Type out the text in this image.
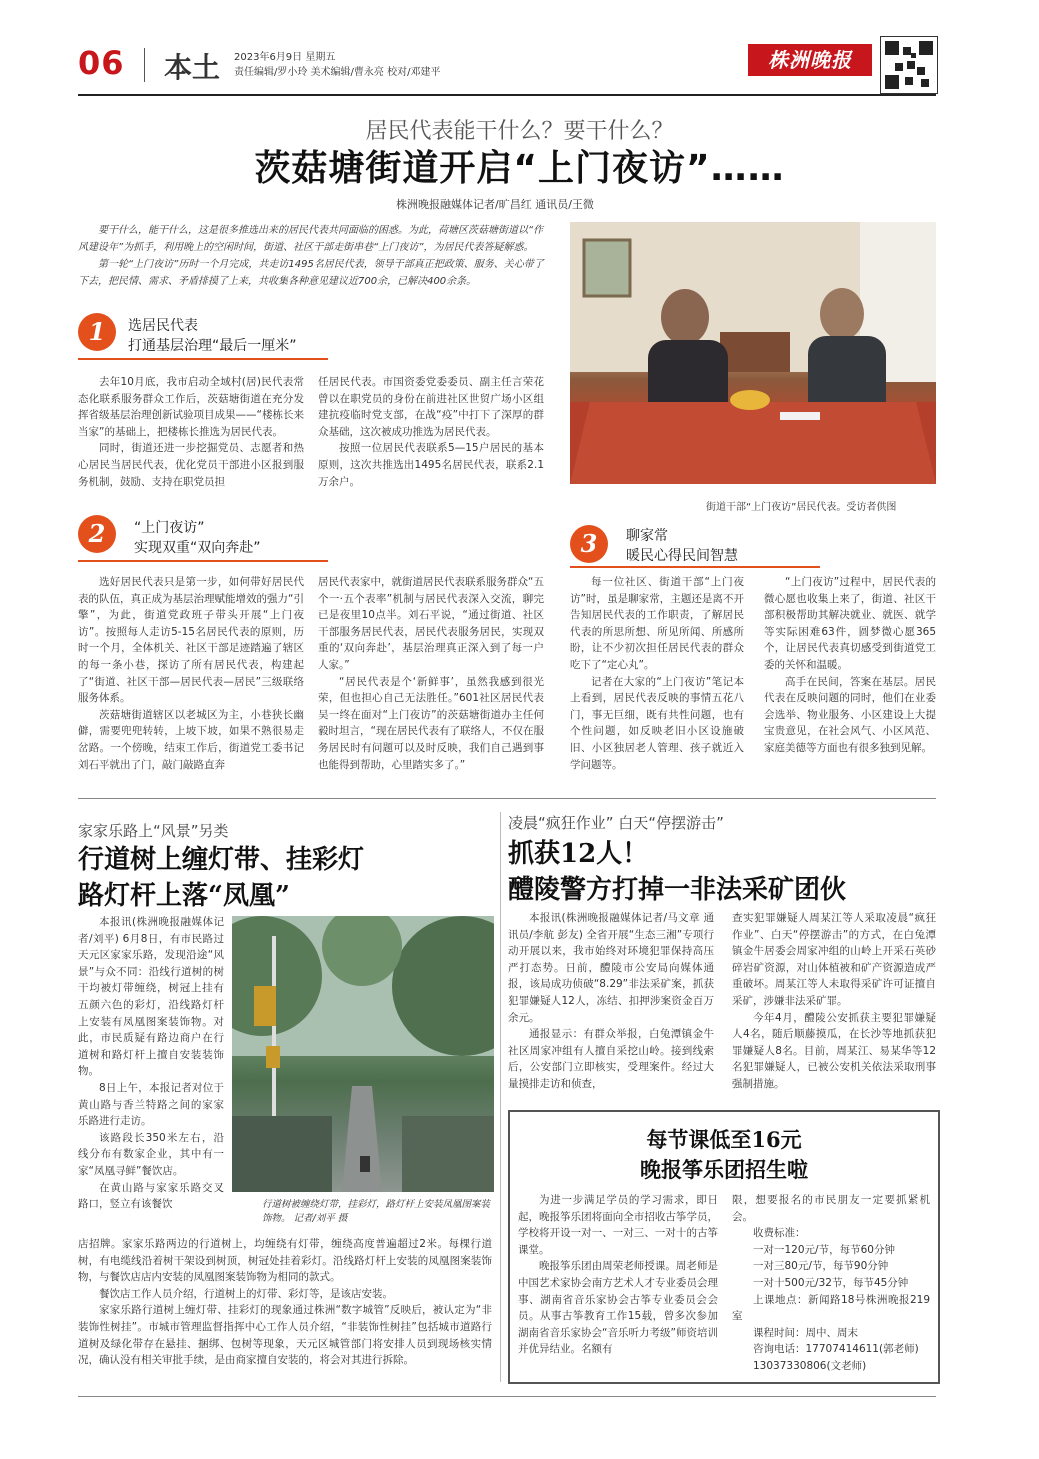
06 本土 2023年6月9日 星期五
责任编辑/罗小玲 美术编辑/曹永亮 校对/邓建平
株洲晚报
居民代表能干什么？要干什么？
茨菇塘街道开启“上门夜访”……
株洲晚报融媒体记者/旷昌红 通讯员/王微

要干什么，能干什么，这是很多推选出来的居民代表共同面临的困惑。为此，荷塘区茨菇塘街道以“作风建设年”为抓手，利用晚上的空闲时间，街道、社区干部走街串巷“上门夜访”，为居民代表答疑解惑。

第一轮“上门夜访”历时一个月完成，共走访1495名居民代表，领导干部真正把政策、服务、关心带了下去，把民情、需求、矛盾排摸了上来，共收集各种意见建议近700余，已解决400余条。

街道干部“上门夜访”居民代表。受访者供图
1	选居民代表
打通基层治理“最后一厘米”

去年10月底，我市启动全域村(居)民代表常态化联系服务群众工作后，茨菇塘街道在充分发挥省级基层治理创新试验项目成果——“楼栋长来当家”的基础上，把楼栋长推选为居民代表。

同时，街道还进一步挖掘党员、志愿者和热心居民当居民代表，优化党员干部进小区报到服务机制，鼓励、支持在职党员担

任居民代表。市国资委党委委员、副主任言荣花曾以在职党员的身份在前进社区世贸广场小区组建抗疫临时党支部，在战“疫”中打下了深厚的群众基础，这次被成功推选为居民代表。

按照一位居民代表联系5—15户居民的基本原则，这次共推选出1495名居民代表，联系2.1万余户。

2	“上门夜访”
实现双重“双向奔赴”

选好居民代表只是第一步，如何带好居民代表的队伍，真正成为基层治理赋能增效的强力“引擎”，为此，街道党政班子带头开展“上门夜访”。按照每人走访5-15名居民代表的原则，历时一个月，全体机关、社区干部足迹踏遍了辖区的每一条小巷，探访了所有居民代表，构建起了“街道、社区干部—居民代表—居民”三级联络服务体系。

茨菇塘街道辖区以老城区为主，小巷狭长幽僻，需要兜兜转转，上坡下坡，如果不熟很易走岔路。一个傍晚，结束工作后，街道党工委书记刘石平就出了门，敲门敲路直奔

居民代表家中，就街道居民代表联系服务群众“五个一·五个表率”机制与居民代表深入交流，聊完已是夜里10点半。刘石平说，“通过街道、社区干部服务居民代表，居民代表服务居民，实现双重的‘双向奔赴’，基层治理真正深入到了每一户人家。”

“居民代表是个‘新鲜事’，虽然我感到很光荣，但也担心自己无法胜任。”601社区居民代表吴一终在面对“上门夜访”的茨菇塘街道办主任何毅时坦言，“现在居民代表有了联络人，不仅在服务居民时有问题可以及时反映，我们自己遇到事也能得到帮助，心里踏实多了。”

3	聊家常
暖民心得民间智慧

每一位社区、街道干部“上门夜访”时，虽是聊家常，主题还是离不开告知居民代表的工作职责，了解居民代表的所思所想、所见所闻、所感所盼，让不少初次担任居民代表的群众吃下了“定心丸”。

记者在大家的“上门夜访”笔记本上看到，居民代表反映的事情五花八门，事无巨细，既有共性问题，也有个性问题，如反映老旧小区设施破旧、小区独居老人管理、孩子就近入学问题等。

“上门夜访”过程中，居民代表的微心愿也收集上来了，街道、社区干部积极帮助其解决就业、就医、就学等实际困难63件，圆梦微心愿365个，让居民代表真切感受到街道党工委的关怀和温暖。

高手在民间，答案在基层。居民代表在反映问题的同时，他们在业委会选举、物业服务、小区建设上大提宝贵意见，在社会风气、小区风范、家庭美德等方面也有很多独到见解。

家家乐路上“风景”另类
行道树上缠灯带、挂彩灯
路灯杆上落“凤凰”

本报讯(株洲晚报融媒体记者/刘平) 6月8日，有市民路过天元区家家乐路，发现沿途“风景”与众不同：沿线行道树的树干均被灯带缠绕，树冠上挂有五颜六色的彩灯，沿线路灯杆上安装有凤凰图案装饰物。对此，市民质疑有路边商户在行道树和路灯杆上擅自安装装饰物。

8日上午，本报记者对位于黄山路与香兰特路之间的家家乐路进行走访。

该路段长350米左右，沿线分布有数家企业，其中有一家“凤凰寻鲜”餐饮店。

在黄山路与家家乐路交叉路口，竖立有该餐饮	行道树被缠绕灯带，挂彩灯，路灯杆上安装凤凰图案装饰物。 记者/刘平 摄

店招牌。家家乐路两边的行道树上，均缠绕有灯带，缠绕高度普遍超过2米。每棵行道树，有电缆线沿着树干架设到树顶，树冠处挂着彩灯。沿线路灯杆上安装的凤凰图案装饰物，与餐饮店店内安装的凤凰图案装饰物为相同的款式。

餐饮店工作人员介绍，行道树上的灯带、彩灯等，是该店安装。

家家乐路行道树上缠灯带、挂彩灯的现象通过株洲“数字城管”反映后，被认定为“非装饰性树挂”。市城市管理监督指挥中心工作人员介绍，“非装饰性树挂”包括城市道路行道树及绿化带存在悬挂、捆绑、包树等现象，天元区城管部门将安排人员到现场核实情况，确认没有相关审批手续，是由商家擅自安装的，将会对其进行拆除。

凌晨“疯狂作业” 白天“停摆游击”
抓获12人！
醴陵警方打掉一非法采矿团伙

本报讯(株洲晚报融媒体记者/马文章 通讯员/李航 彭友) 全省开展“生态三湘”专项行动开展以来，我市始终对环境犯罪保持高压严打态势。日前，醴陵市公安局向媒体通报，该局成功侦破“8.29”非法采矿案，抓获犯罪嫌疑人12人，冻结、扣押涉案资金百万余元。

通报显示：有群众举报，白兔潭镇金牛社区周家冲组有人擅自采挖山岭。接到线索后，公安部门立即核实，受理案件。经过大量摸排走访和侦查，

查实犯罪嫌疑人周某江等人采取凌晨“疯狂作业”、白天“停摆游击”的方式，在白兔潭镇金牛居委会周家冲组的山岭上开采石英砂碎岩矿资源，对山体植被和矿产资源造成严重破坏。周某江等人未取得采矿许可证擅自采矿，涉嫌非法采矿罪。

今年4月，醴陵公安抓获主要犯罪嫌疑人4名，随后顺藤摸瓜，在长沙等地抓获犯罪嫌疑人8名。目前，周某江、易某华等12名犯罪嫌疑人，已被公安机关依法采取刑事强制措施。

每节课低至16元
晚报筝乐团招生啦

为进一步满足学员的学习需求，即日起，晚报筝乐团将面向全市招收古筝学员，学校将开设一对一、一对三、一对十的古筝课堂。

晚报筝乐团由周荣老师授课。周老师是中国艺术家协会南方艺术人才专业委员会理事、湖南省音乐家协会古筝专业委员会会员。从事古筝教育工作15载，曾多次参加湖南省音乐家协会“音乐听力考级”师资培训并优异结业。名额有

限，想要报名的市民朋友一定要抓紧机会。

收费标准：

一对一120元/节，每节60分钟

一对三80元/节，每节90分钟

一对十500元/32节，每节45分钟

上课地点：新闻路18号株洲晚报219室

课程时间：周中、周末

咨询电话：17707414611(郭老师)

13037330806(文老师)
